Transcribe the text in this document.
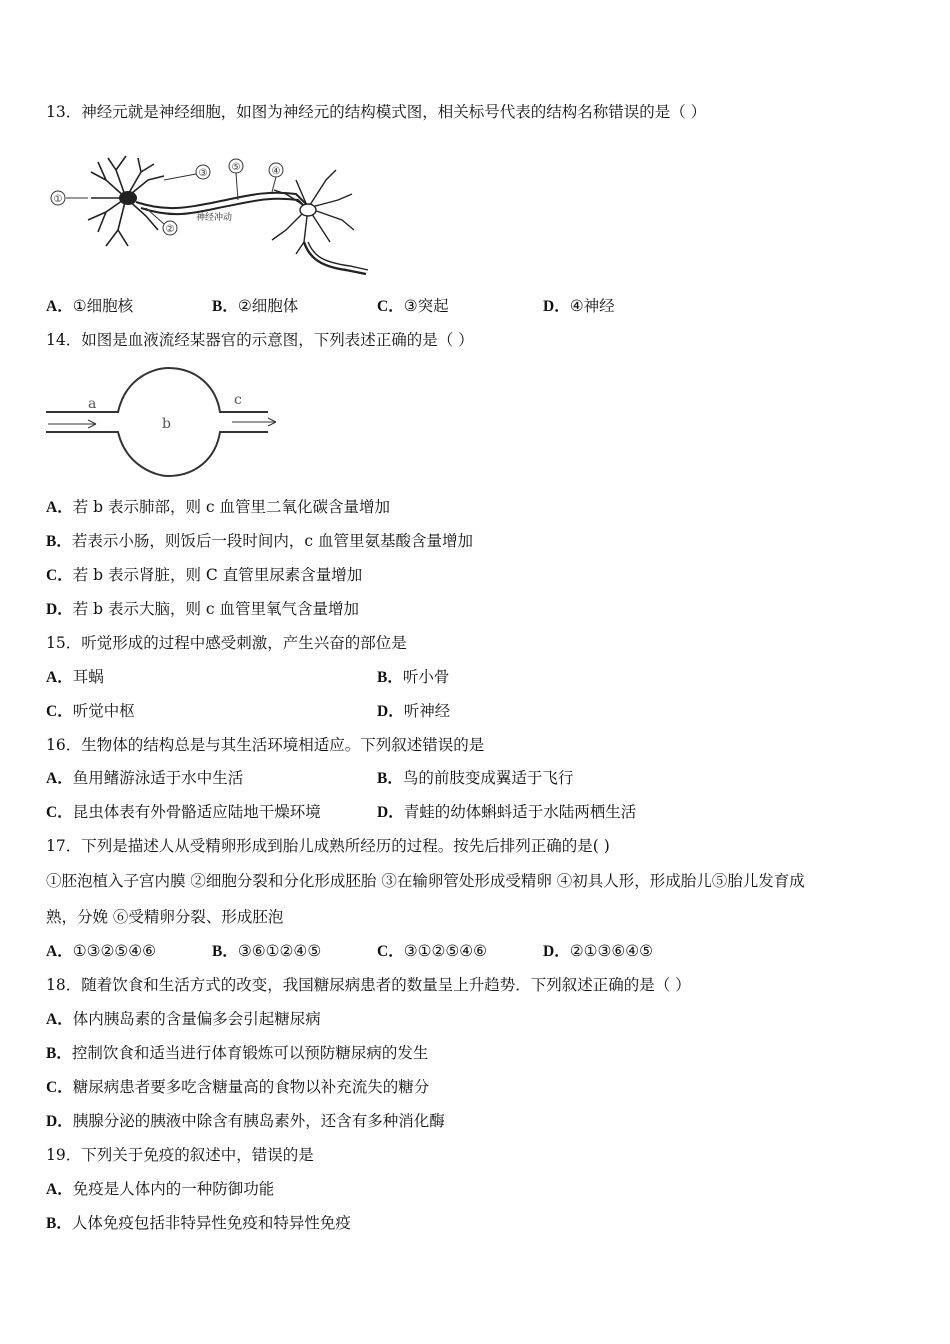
13．神经元就是神经细胞，如图为神经元的结构模式图，相关标号代表的结构名称错误的是（ ）
①
神经冲动
②
③
⑤	④
A．①细胞核	B．②细胞体	C．③突起	D．④神经
14．如图是血液流经某器官的示意图，下列表述正确的是（ ）
a
b
c
A．若 b 表示肺部，则 c 血管里二氧化碳含量增加
B．若表示小肠，则饭后一段时间内，c 血管里氨基酸含量增加
C．若 b 表示肾脏，则 C 直管里尿素含量增加
D．若 b 表示大脑，则 c 血管里氧气含量增加
15．听觉形成的过程中感受刺激，产生兴奋的部位是
A．耳蜗	B．听小骨
C．听觉中枢	D．听神经
16．生物体的结构总是与其生活环境相适应。下列叙述错误的是
A．鱼用鳍游泳适于水中生活	B．鸟的前肢变成翼适于飞行
C．昆虫体表有外骨骼适应陆地干燥环境	D．青蛙的幼体蝌蚪适于水陆两栖生活
17．下列是描述人从受精卵形成到胎儿成熟所经历的过程。按先后排列正确的是( )
①胚泡植入子宫内膜 ②细胞分裂和分化形成胚胎 ③在输卵管处形成受精卵 ④初具人形，形成胎儿⑤胎儿发育成
熟，分娩 ⑥受精卵分裂、形成胚泡
A．①③②⑤④⑥	B．③⑥①②④⑤	C．③①②⑤④⑥	D．②①③⑥④⑤
18．随着饮食和生活方式的改变，我国糖尿病患者的数量呈上升趋势．下列叙述正确的是（ ）
A．体内胰岛素的含量偏多会引起糖尿病
B．控制饮食和适当进行体育锻炼可以预防糖尿病的发生
C．糖尿病患者要多吃含糖量高的食物以补充流失的糖分
D．胰腺分泌的胰液中除含有胰岛素外，还含有多种消化酶
19．下列关于免疫的叙述中，错误的是
A．免疫是人体内的一种防御功能
B．人体免疫包括非特异性免疫和特异性免疫
